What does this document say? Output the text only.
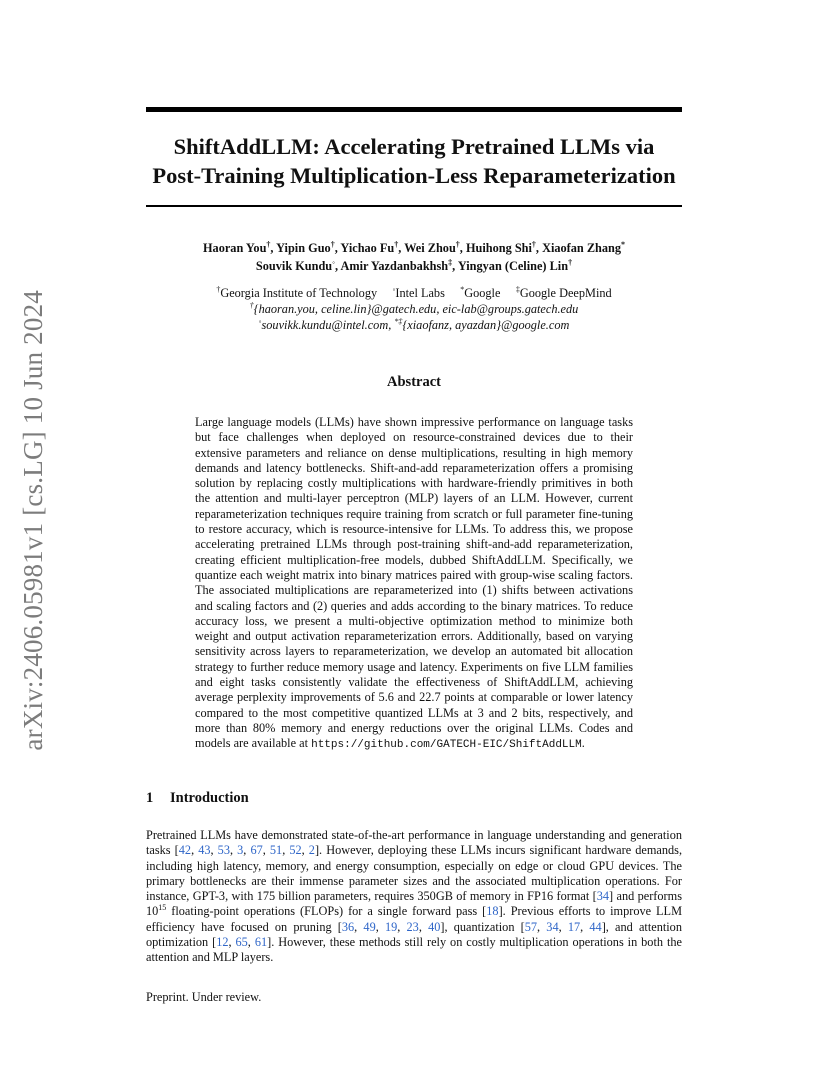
arXiv:2406.05981v1 [cs.LG] 10 Jun 2024
ShiftAddLLM: Accelerating Pretrained LLMs via
Post-Training Multiplication-Less Reparameterization
Haoran You†, Yipin Guo†, Yichao Fu†, Wei Zhou†, Huihong Shi†, Xiaofan Zhang*
Souvik Kundu◦, Amir Yazdanbakhsh‡, Yingyan (Celine) Lin†
†Georgia Institute of Technology ◦Intel Labs *Google ‡Google DeepMind
†{haoran.you, celine.lin}@gatech.edu, eic-lab@groups.gatech.edu
◦souvikk.kundu@intel.com, *‡{xiaofanz, ayazdan}@google.com
Abstract

Large language models (LLMs) have shown impressive performance on language tasks but face challenges when deployed on resource-constrained devices due to their extensive parameters and reliance on dense multiplications, resulting in high memory demands and latency bottlenecks. Shift-and-add reparameterization offers a promising solution by replacing costly multiplications with hardware-friendly primitives in both the attention and multi-layer perceptron (MLP) layers of an LLM. However, current reparameterization techniques require training from scratch or full parameter fine-tuning to restore accuracy, which is resource-intensive for LLMs. To address this, we propose accelerating pretrained LLMs through post-training shift-and-add reparameterization, creating efficient multiplication-free models, dubbed ShiftAddLLM. Specifically, we quantize each weight matrix into binary matrices paired with group-wise scaling factors. The associated multiplications are reparameterized into (1) shifts between activations and scaling factors and (2) queries and adds according to the binary matrices. To reduce accuracy loss, we present a multi-objective optimization method to minimize both weight and output activation reparameterization errors. Additionally, based on varying sensitivity across layers to reparameterization, we develop an automated bit allocation strategy to further reduce memory usage and latency. Experiments on five LLM families and eight tasks consistently validate the effectiveness of ShiftAddLLM, achieving average perplexity improvements of 5.6 and 22.7 points at comparable or lower latency compared to the most competitive quantized LLMs at 3 and 2 bits, respectively, and more than 80% memory and energy reductions over the original LLMs. Codes and models are available at https://github.com/GATECH-EIC/ShiftAddLLM.

1 Introduction

Pretrained LLMs have demonstrated state-of-the-art performance in language understanding and generation tasks [42, 43, 53, 3, 67, 51, 52, 2]. However, deploying these LLMs incurs significant hardware demands, including high latency, memory, and energy consumption, especially on edge or cloud GPU devices. The primary bottlenecks are their immense parameter sizes and the associated multiplication operations. For instance, GPT-3, with 175 billion parameters, requires 350GB of memory in FP16 format [34] and performs $10^{15}$ floating-point operations (FLOPs) for a single forward pass [18]. Previous efforts to improve LLM efficiency have focused on pruning [36, 49, 19, 23, 40], quantization [57, 34, 17, 44], and attention optimization [12, 65, 61]. However, these methods still rely on costly multiplication operations in both the attention and MLP layers.

Preprint. Under review.
